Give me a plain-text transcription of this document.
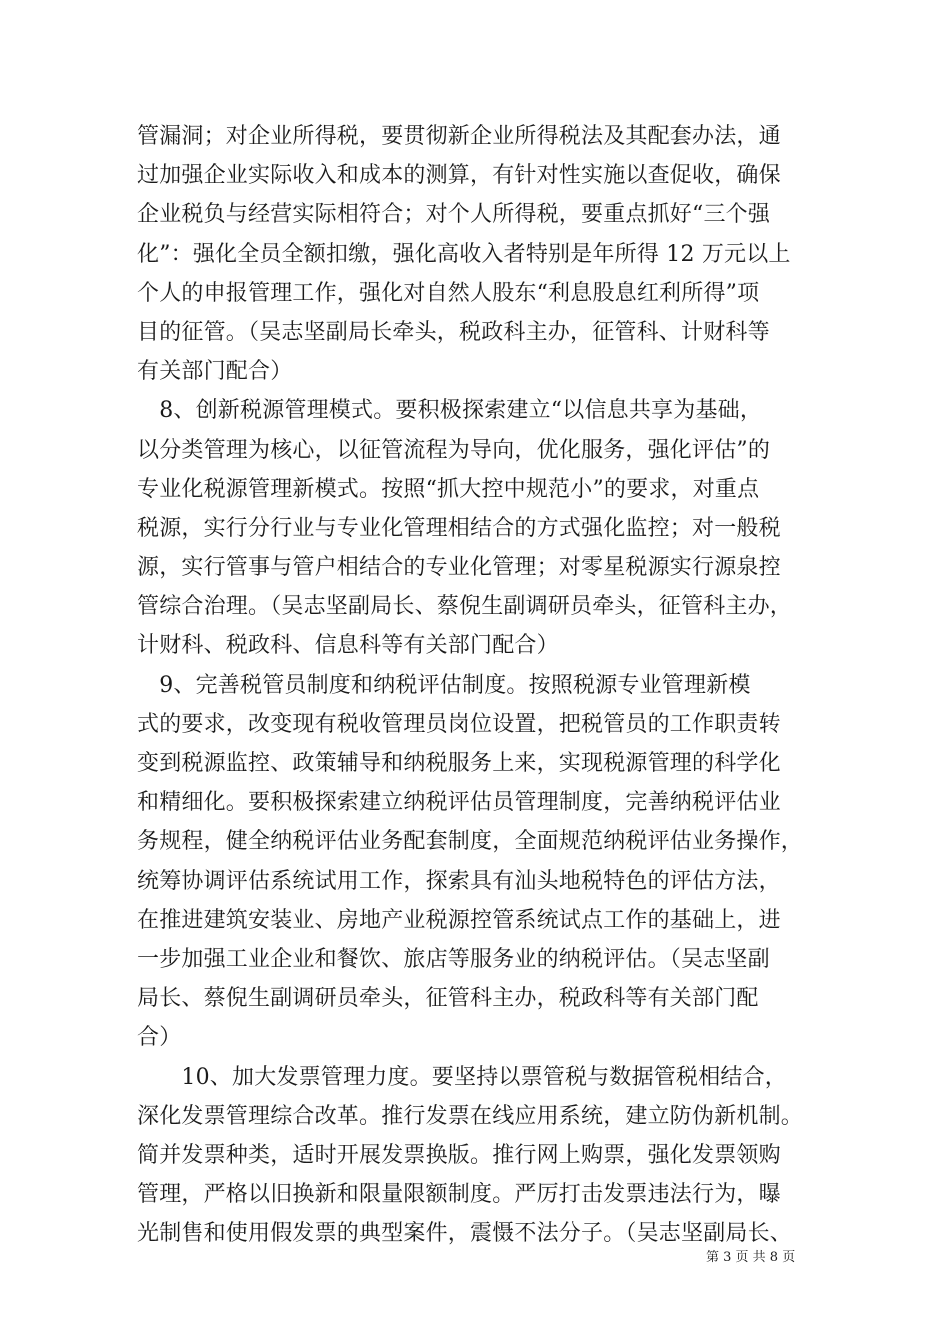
管漏洞；对企业所得税，要贯彻新企业所得税法及其配套办法，通
过加强企业实际收入和成本的测算，有针对性实施以查促收，确保
企业税负与经营实际相符合；对个人所得税，要重点抓好“三个强
化”：强化全员全额扣缴，强化高收入者特别是年所得 12 万元以上
个人的申报管理工作，强化对自然人股东“利息股息红利所得”项
目的征管。（吴志坚副局长牵头，税政科主办，征管科、计财科等
有关部门配合）
　8、创新税源管理模式。要积极探索建立“以信息共享为基础，
以分类管理为核心，以征管流程为导向，优化服务，强化评估”的
专业化税源管理新模式。按照“抓大控中规范小”的要求，对重点
税源，实行分行业与专业化管理相结合的方式强化监控；对一般税
源，实行管事与管户相结合的专业化管理；对零星税源实行源泉控
管综合治理。（吴志坚副局长、蔡倪生副调研员牵头，征管科主办，
计财科、税政科、信息科等有关部门配合）
　9、完善税管员制度和纳税评估制度。按照税源专业管理新模
式的要求，改变现有税收管理员岗位设置，把税管员的工作职责转
变到税源监控、政策辅导和纳税服务上来，实现税源管理的科学化
和精细化。要积极探索建立纳税评估员管理制度，完善纳税评估业
务规程，健全纳税评估业务配套制度，全面规范纳税评估业务操作，
统筹协调评估系统试用工作，探索具有汕头地税特色的评估方法，
在推进建筑安装业、房地产业税源控管系统试点工作的基础上，进
一步加强工业企业和餐饮、旅店等服务业的纳税评估。（吴志坚副
局长、蔡倪生副调研员牵头，征管科主办，税政科等有关部门配
合）
　　10、加大发票管理力度。要坚持以票管税与数据管税相结合，
深化发票管理综合改革。推行发票在线应用系统，建立防伪新机制。
简并发票种类，适时开展发票换版。推行网上购票，强化发票领购
管理，严格以旧换新和限量限额制度。严厉打击发票违法行为，曝
光制售和使用假发票的典型案件，震慑不法分子。（吴志坚副局长、
第 3 页 共 8 页
